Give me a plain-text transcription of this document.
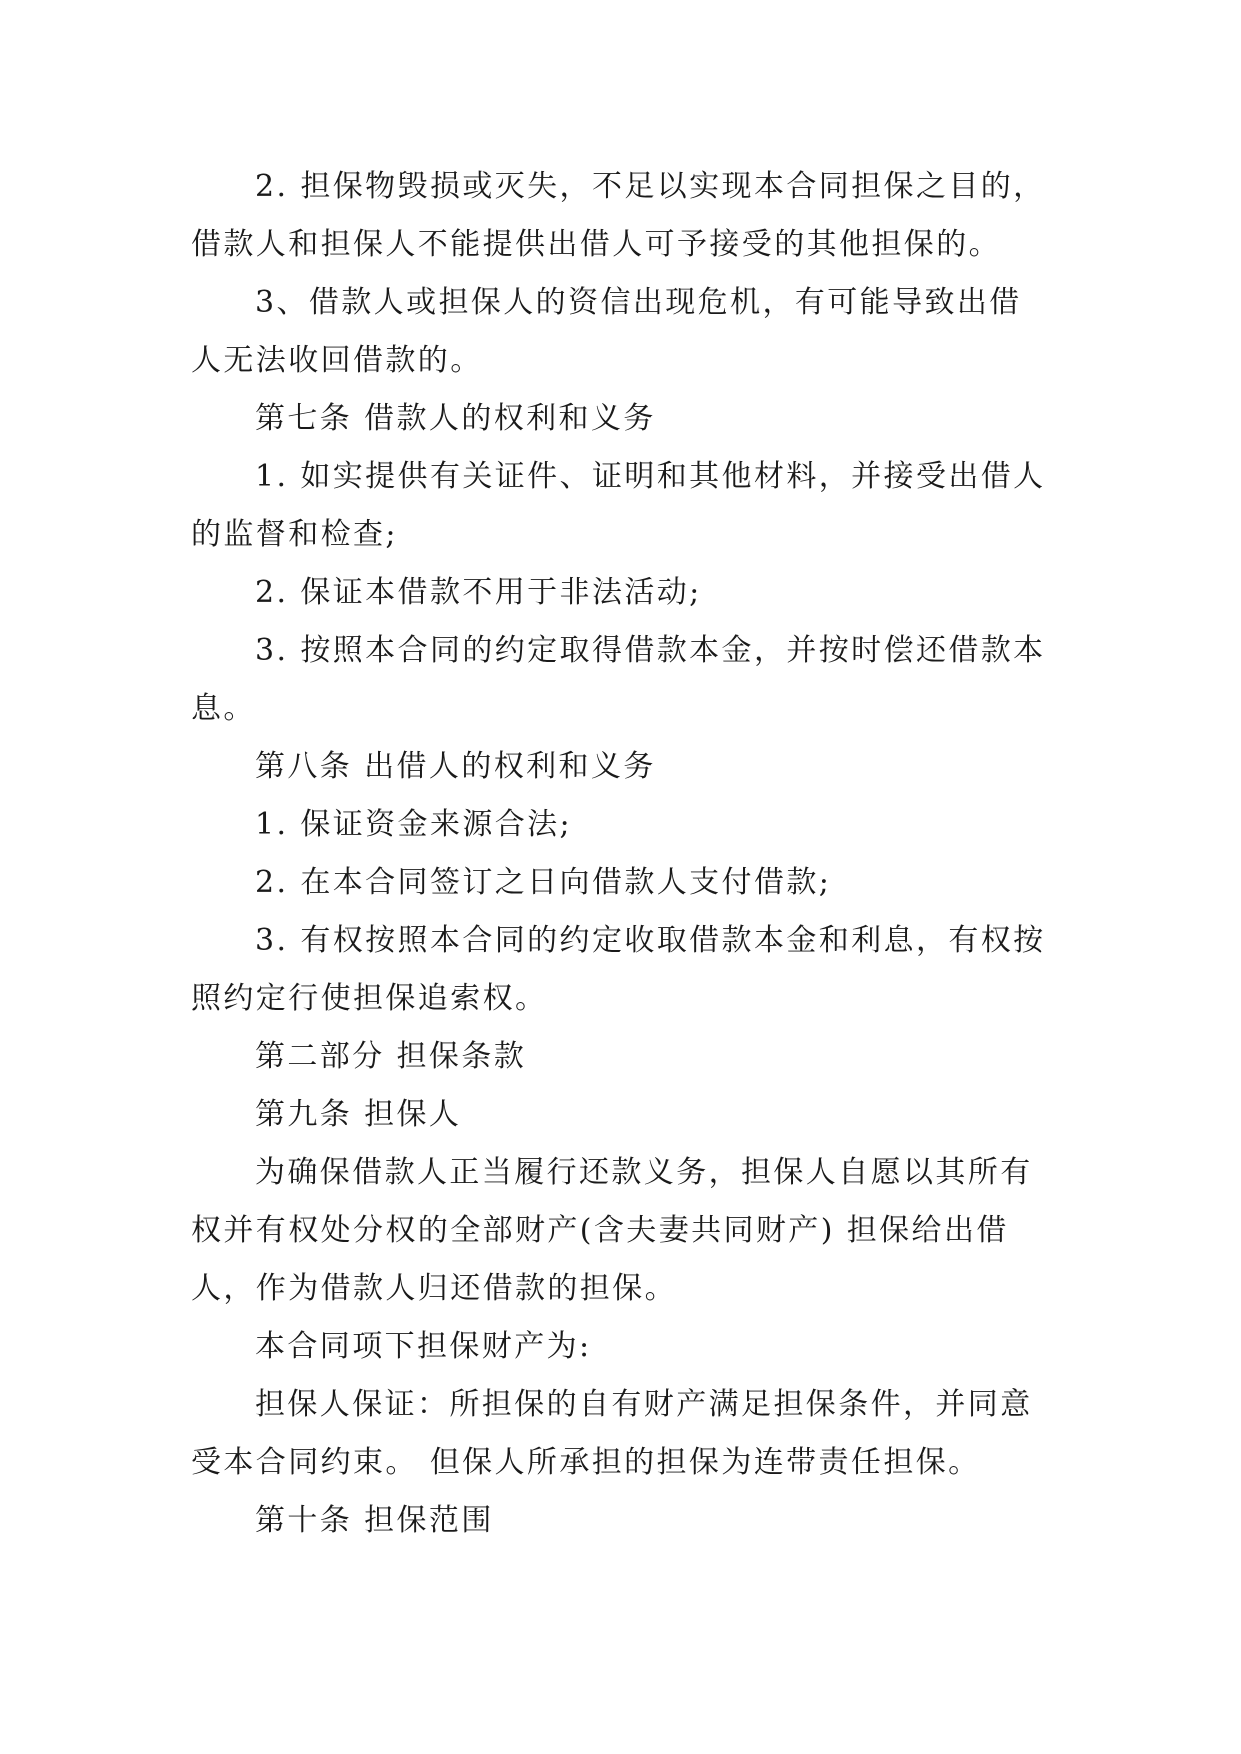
2. 担保物毁损或灭失，不足以实现本合同担保之目的，借款人和担保人不能提供出借人可予接受的其他担保的。

3、借款人或担保人的资信出现危机，有可能导致出借人无法收回借款的。

第七条 借款人的权利和义务

1. 如实提供有关证件、证明和其他材料，并接受出借人的监督和检查;

2. 保证本借款不用于非法活动;

3. 按照本合同的约定取得借款本金，并按时偿还借款本息。

第八条 出借人的权利和义务

1. 保证资金来源合法;

2. 在本合同签订之日向借款人支付借款;

3. 有权按照本合同的约定收取借款本金和利息，有权按照约定行使担保追索权。

第二部分 担保条款

第九条 担保人

为确保借款人正当履行还款义务，担保人自愿以其所有权并有权处分权的全部财产(含夫妻共同财产) 担保给出借人，作为借款人归还借款的担保。

本合同项下担保财产为:

担保人保证：所担保的自有财产满足担保条件，并同意受本合同约束。 但保人所承担的担保为连带责任担保。

第十条 担保范围
